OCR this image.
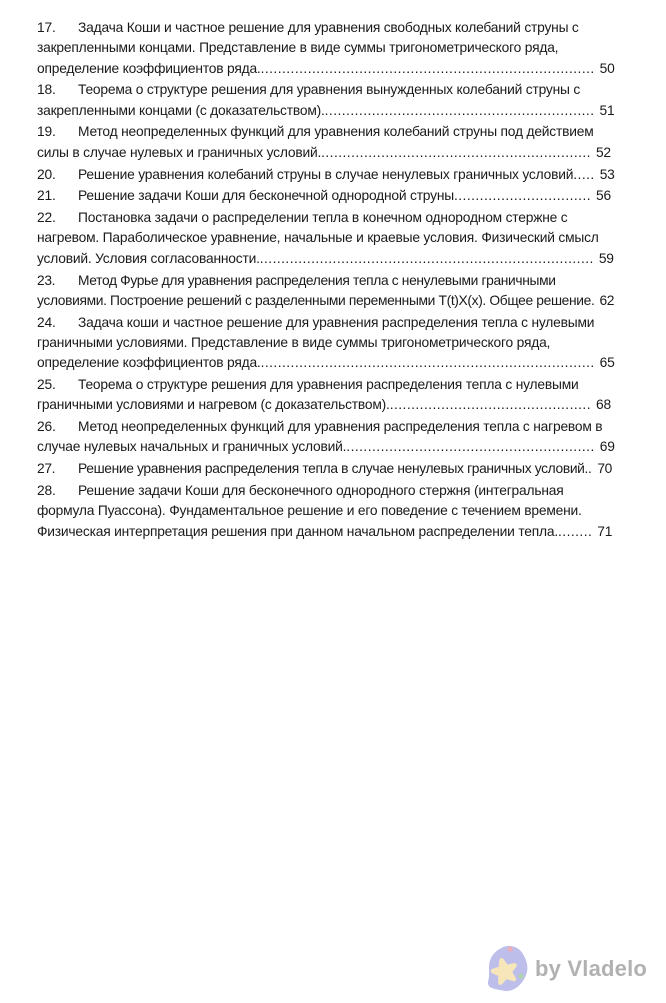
17. Задача Коши и частное решение для уравнения свободных колебаний струны с закрепленными концами. Представление в виде суммы тригонометрического ряда, определение коэффициентов ряда............................................................................... 50
18. Теорема о структуре решения для уравнения вынужденных колебаний струны с закрепленными концами (с доказательством)................................................................ 51
19. Метод неопределенных функций для уравнения колебаний струны под действием силы в случае нулевых и граничных условий................................................................ 52
20. Решение уравнения колебаний струны в случае ненулевых граничных условий..... 53
21. Решение задачи Коши для бесконечной однородной струны................................ 56
22. Постановка задачи о распределении тепла в конечном однородном стержне с нагревом. Параболическое уравнение, начальные и краевые условия. Физический смысл условий. Условия согласованности............................................................................... 59
23. Метод Фурье для уравнения распределения тепла с ненулевыми граничными условиями. Построение решений с разделенными переменными T(t)X(x). Общее решение. 62
24. Задача коши и частное решение для уравнения распределения тепла с нулевыми граничными условиями. Представление в виде суммы тригонометрического ряда, определение коэффициентов ряда............................................................................... 65
25. Теорема о структуре решения для уравнения распределения тепла с нулевыми граничными условиями и нагревом (с доказательством)................................................ 68
26. Метод неопределенных функций для уравнения распределения тепла с нагревом в случае нулевых начальных и граничных условий........................................................... 69
27. Решение уравнения распределения тепла в случае ненулевых граничных условий.. 70
28. Решение задачи Коши для бесконечного однородного стержня (интегральная формула Пуассона). Фундаментальное решение и его поведение с течением времени. Физическая интерпретация решения при данном начальном распределении тепла......... 71
by Vladelo
